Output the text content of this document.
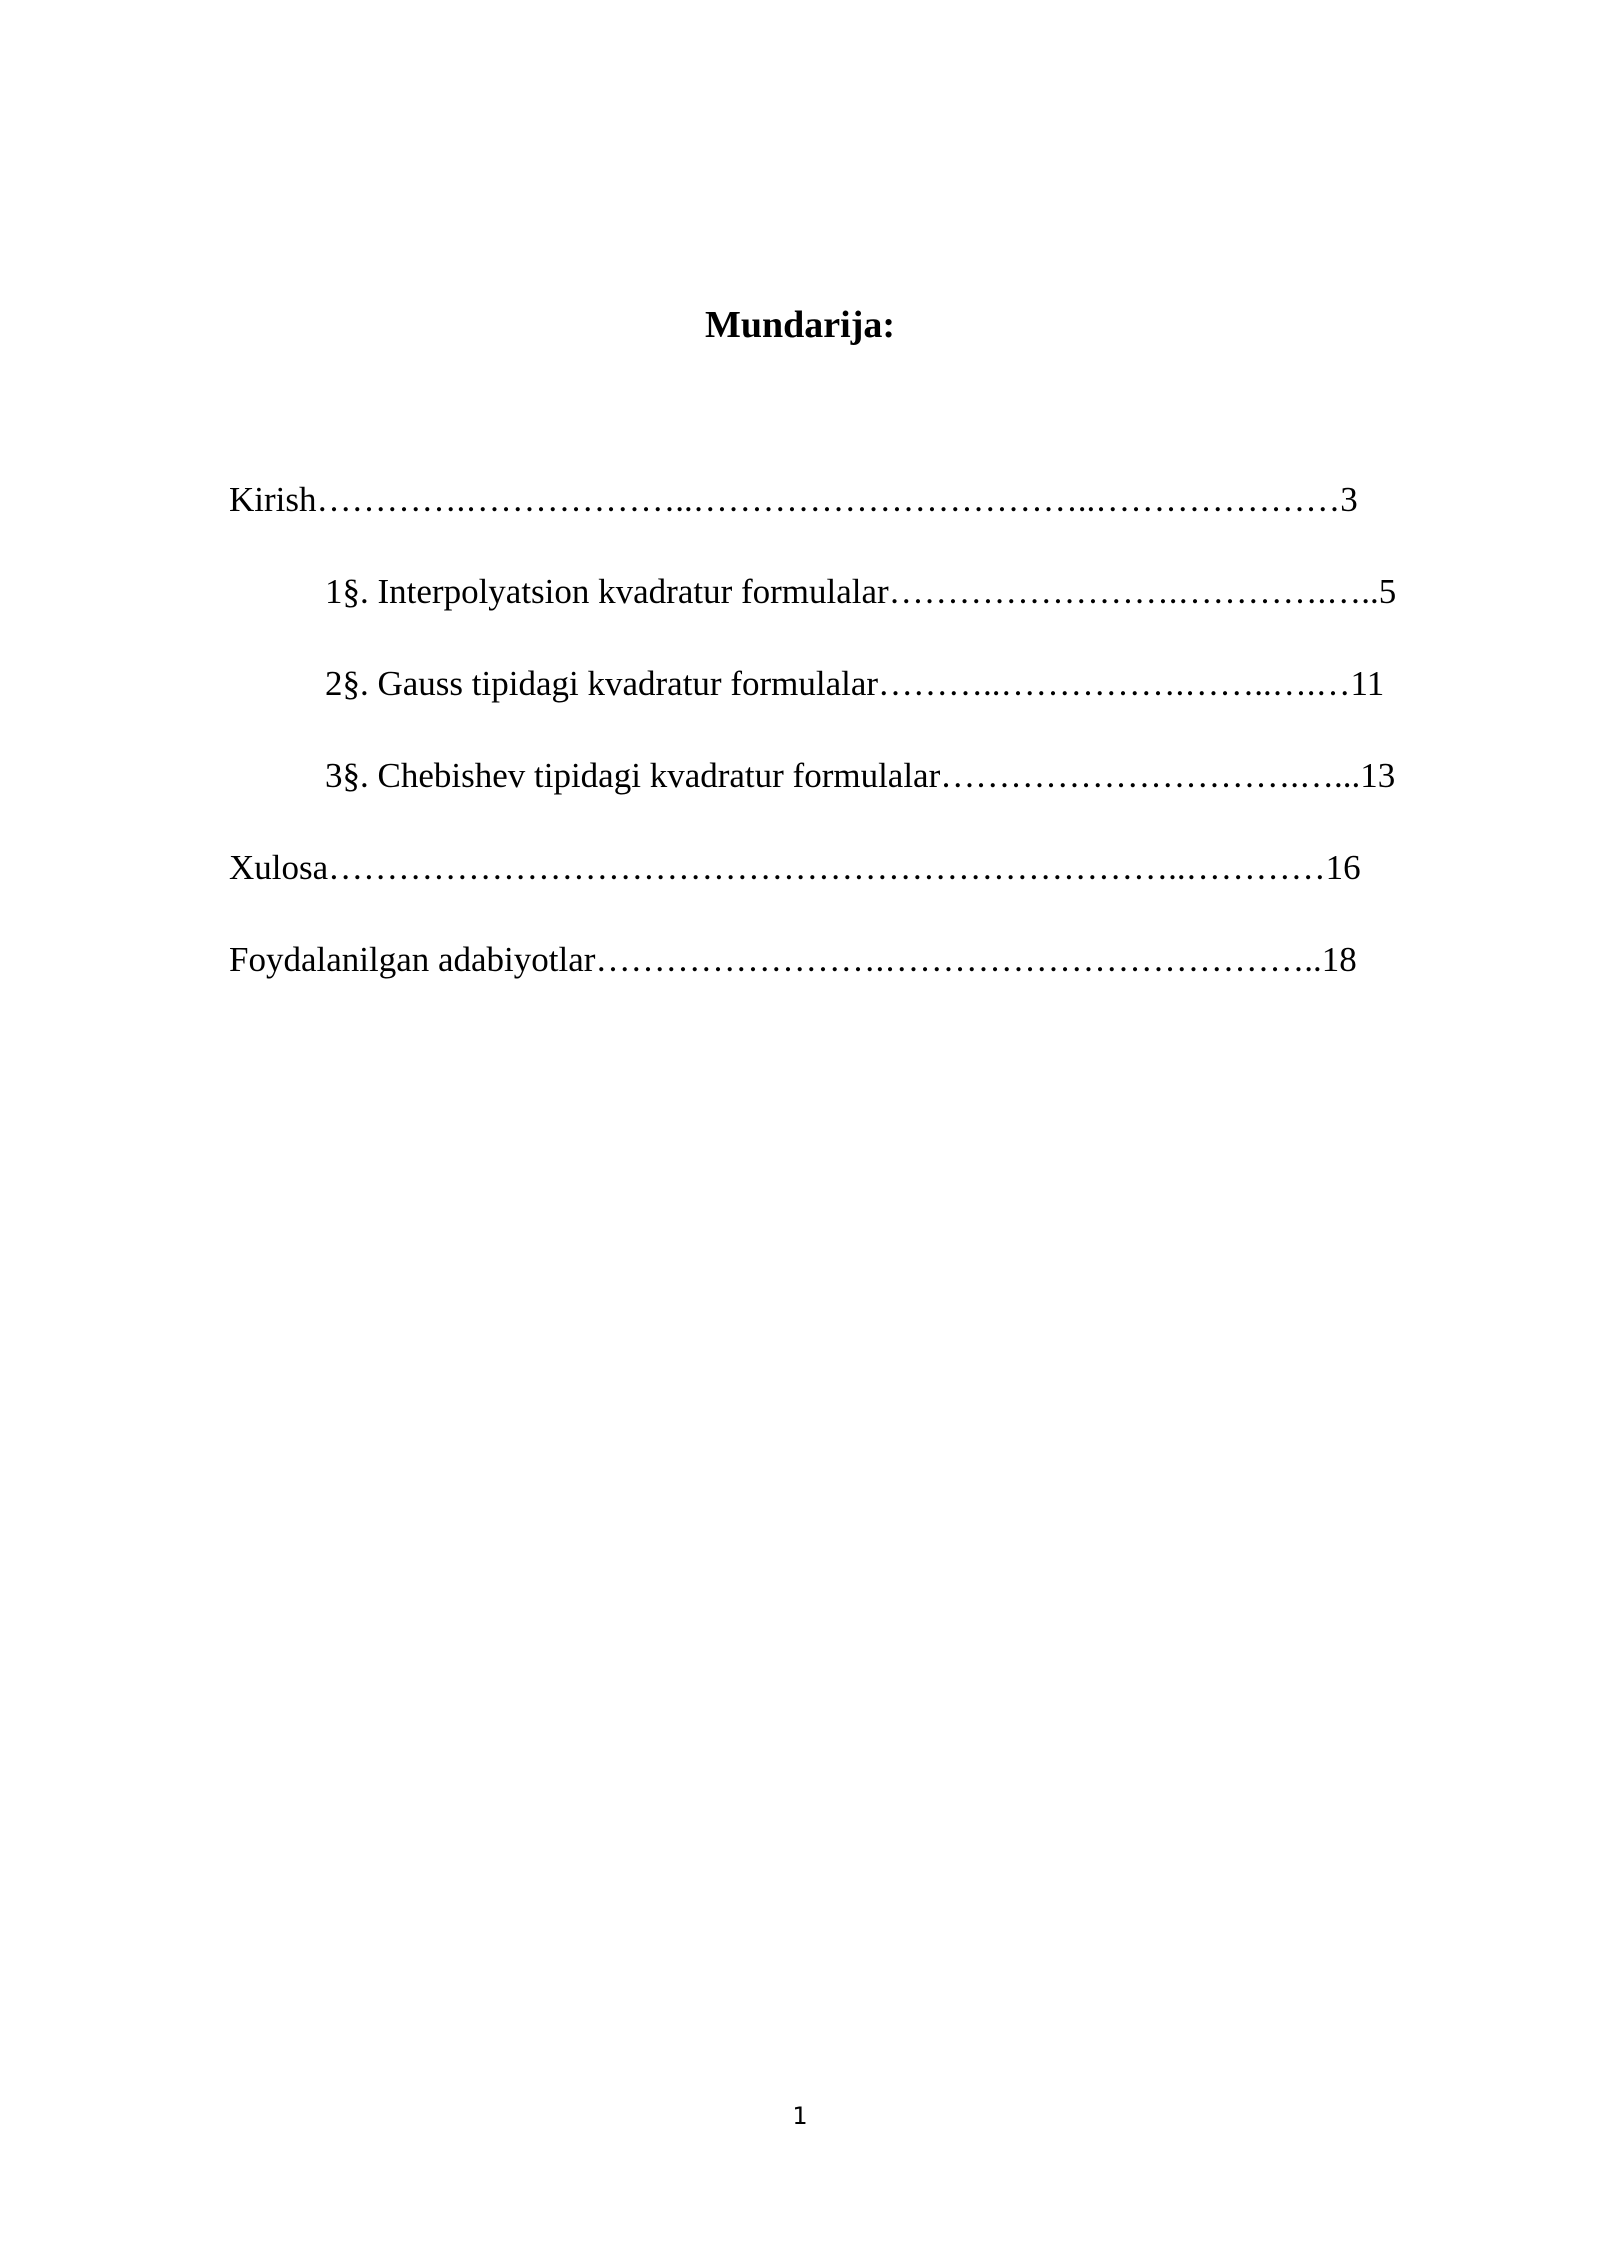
Mundarija:
Kirish………….………………..……………………………..…………………3
1§. Interpolyatsion kvadratur formulalar…………………….………….…..5
2§. Gauss tipidagi kvadratur formulalar………..…………….……..….…11
3§. Chebishev tipidagi kvadratur formulalar………………………….…...13
Xulosa………………………………………………………………..…………16
Foydalanilgan adabiyotlar…………………….………………………………..18
1
